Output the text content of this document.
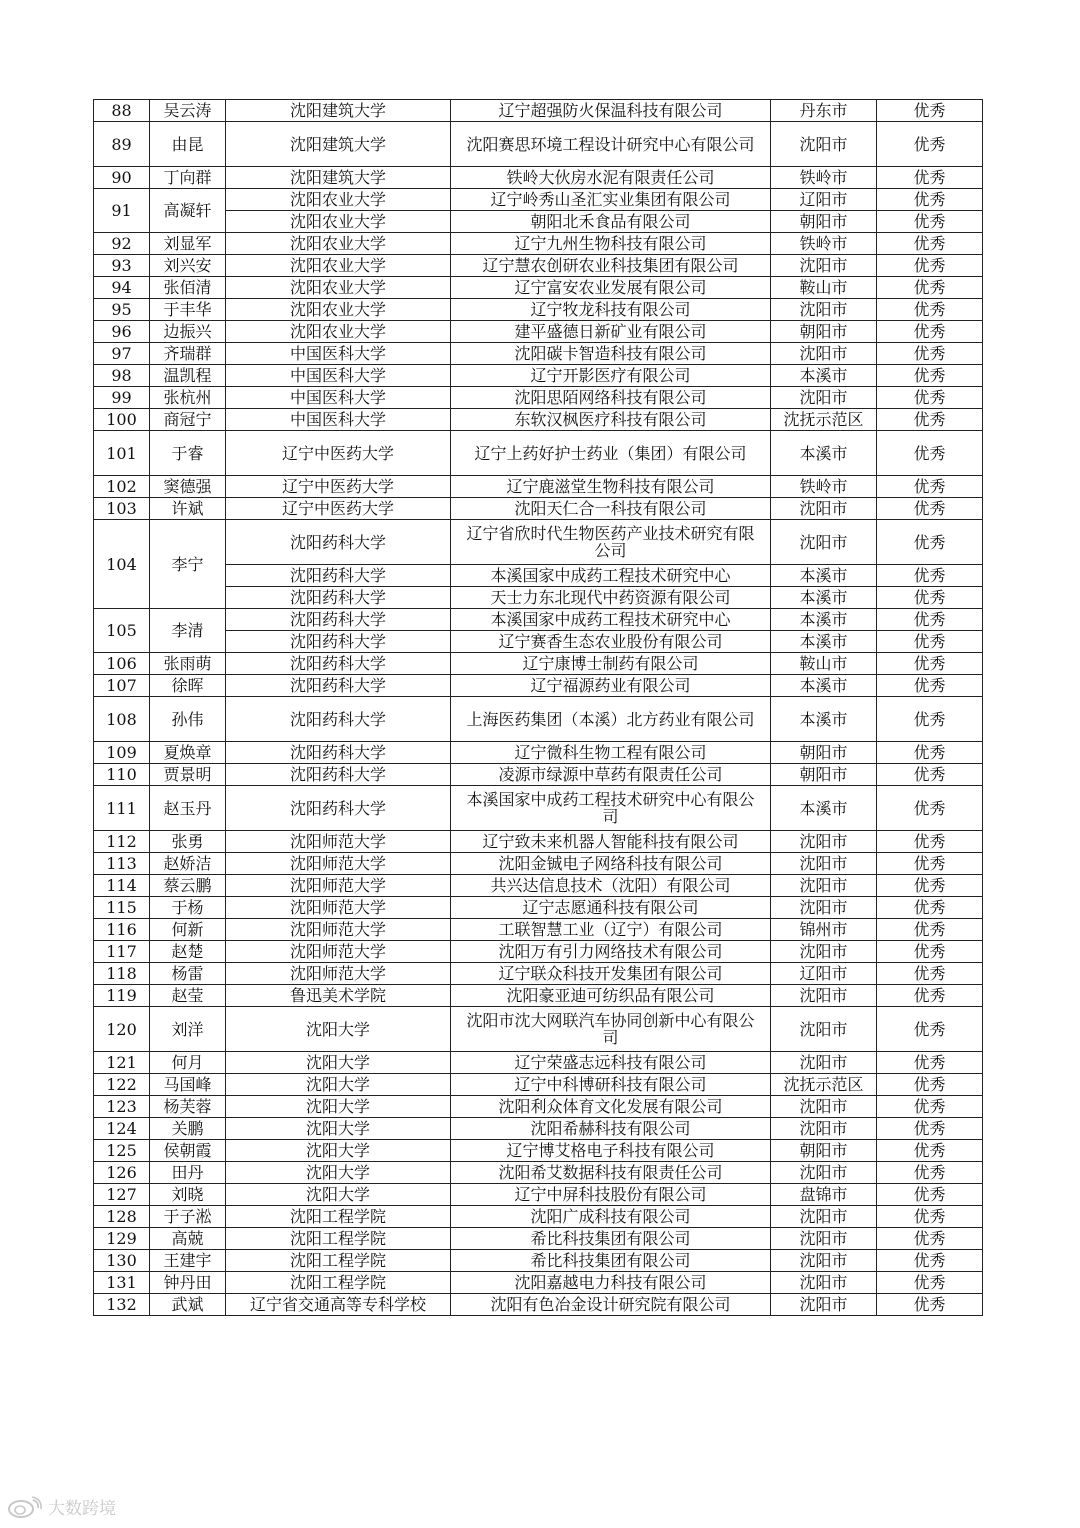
88	吴云涛	沈阳建筑大学	辽宁超强防火保温科技有限公司	丹东市	优秀
89	由昆	沈阳建筑大学	沈阳赛思环境工程设计研究中心有限公司	沈阳市	优秀
90	丁向群	沈阳建筑大学	铁岭大伙房水泥有限责任公司	铁岭市	优秀
91	高凝轩	沈阳农业大学	辽宁岭秀山圣汇实业集团有限公司	辽阳市	优秀
		沈阳农业大学	朝阳北禾食品有限公司	朝阳市	优秀
92	刘显军	沈阳农业大学	辽宁九州生物科技有限公司	铁岭市	优秀
93	刘兴安	沈阳农业大学	辽宁慧农创研农业科技集团有限公司	沈阳市	优秀
94	张佰清	沈阳农业大学	辽宁富安农业发展有限公司	鞍山市	优秀
95	于丰华	沈阳农业大学	辽宁牧龙科技有限公司	沈阳市	优秀
96	边振兴	沈阳农业大学	建平盛德日新矿业有限公司	朝阳市	优秀
97	齐瑞群	中国医科大学	沈阳碳卡智造科技有限公司	沈阳市	优秀
98	温凯程	中国医科大学	辽宁开影医疗有限公司	本溪市	优秀
99	张杭州	中国医科大学	沈阳思陌网络科技有限公司	沈阳市	优秀
100	商冠宁	中国医科大学	东软汉枫医疗科技有限公司	沈抚示范区	优秀
101	于睿	辽宁中医药大学	辽宁上药好护士药业（集团）有限公司	本溪市	优秀
102	窦德强	辽宁中医药大学	辽宁鹿滋堂生物科技有限公司	铁岭市	优秀
103	许斌	辽宁中医药大学	沈阳天仁合一科技有限公司	沈阳市	优秀
104	李宁	沈阳药科大学	辽宁省欣时代生物医药产业技术研究有限公司	沈阳市	优秀
		沈阳药科大学	本溪国家中成药工程技术研究中心	本溪市	优秀
		沈阳药科大学	天士力东北现代中药资源有限公司	本溪市	优秀
105	李清	沈阳药科大学	本溪国家中成药工程技术研究中心	本溪市	优秀
		沈阳药科大学	辽宁赛香生态农业股份有限公司	本溪市	优秀
106	张雨萌	沈阳药科大学	辽宁康博士制药有限公司	鞍山市	优秀
107	徐晖	沈阳药科大学	辽宁福源药业有限公司	本溪市	优秀
108	孙伟	沈阳药科大学	上海医药集团（本溪）北方药业有限公司	本溪市	优秀
109	夏焕章	沈阳药科大学	辽宁微科生物工程有限公司	朝阳市	优秀
110	贾景明	沈阳药科大学	凌源市绿源中草药有限责任公司	朝阳市	优秀
111	赵玉丹	沈阳药科大学	本溪国家中成药工程技术研究中心有限公司	本溪市	优秀
112	张勇	沈阳师范大学	辽宁致未来机器人智能科技有限公司	沈阳市	优秀
113	赵娇洁	沈阳师范大学	沈阳金铖电子网络科技有限公司	沈阳市	优秀
114	蔡云鹏	沈阳师范大学	共兴达信息技术（沈阳）有限公司	沈阳市	优秀
115	于杨	沈阳师范大学	辽宁志愿通科技有限公司	沈阳市	优秀
116	何新	沈阳师范大学	工联智慧工业（辽宁）有限公司	锦州市	优秀
117	赵楚	沈阳师范大学	沈阳万有引力网络技术有限公司	沈阳市	优秀
118	杨雷	沈阳师范大学	辽宁联众科技开发集团有限公司	辽阳市	优秀
119	赵莹	鲁迅美术学院	沈阳豪亚迪可纺织品有限公司	沈阳市	优秀
120	刘洋	沈阳大学	沈阳市沈大网联汽车协同创新中心有限公司	沈阳市	优秀
121	何月	沈阳大学	辽宁荣盛志远科技有限公司	沈阳市	优秀
122	马国峰	沈阳大学	辽宁中科博研科技有限公司	沈抚示范区	优秀
123	杨芙蓉	沈阳大学	沈阳利众体育文化发展有限公司	沈阳市	优秀
124	关鹏	沈阳大学	沈阳希赫科技有限公司	沈阳市	优秀
125	侯朝霞	沈阳大学	辽宁博艾格电子科技有限公司	朝阳市	优秀
126	田丹	沈阳大学	沈阳希艾数据科技有限责任公司	沈阳市	优秀
127	刘晓	沈阳大学	辽宁中屏科技股份有限公司	盘锦市	优秀
128	于子淞	沈阳工程学院	沈阳广成科技有限公司	沈阳市	优秀
129	高兢	沈阳工程学院	希比科技集团有限公司	沈阳市	优秀
130	王建宇	沈阳工程学院	希比科技集团有限公司	沈阳市	优秀
131	钟丹田	沈阳工程学院	沈阳嘉越电力科技有限公司	沈阳市	优秀
132	武斌	辽宁省交通高等专科学校	沈阳有色冶金设计研究院有限公司	沈阳市	优秀
大数跨境
